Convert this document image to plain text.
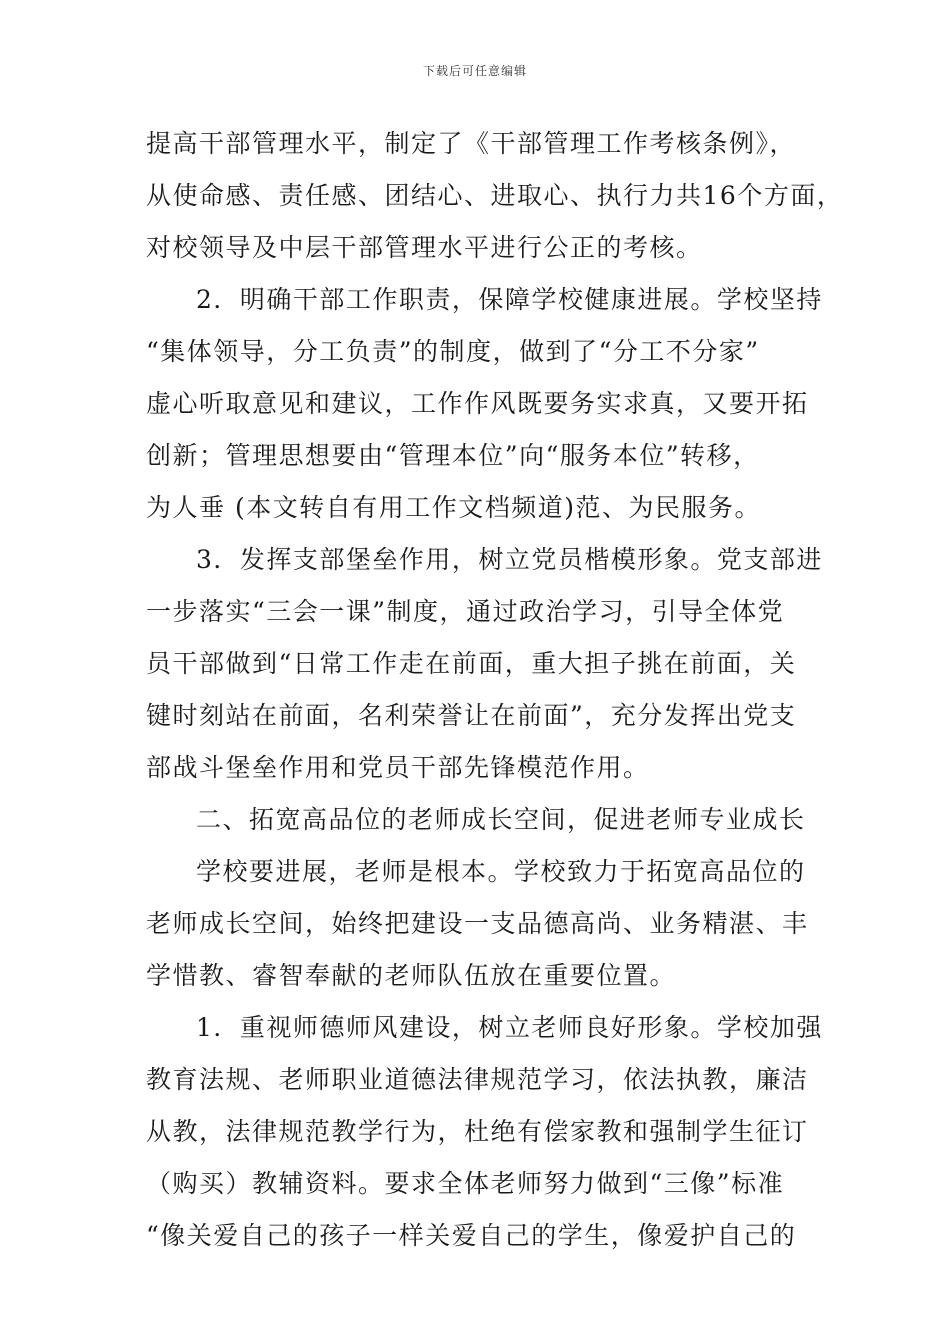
下载后可任意编辑
提高干部管理水平，制定了《干部管理工作考核条例》，
从使命感、责任感、团结心、进取心、执行力共16个方面，
对校领导及中层干部管理水平进行公正的考核。
2．明确干部工作职责，保障学校健康进展。学校坚持
“集体领导，分工负责”的制度，做到了“分工不分家”
虚心听取意见和建议，工作作风既要务实求真，又要开拓
创新；管理思想要由“管理本位”向“服务本位”转移，
为人垂 (本文转自有用工作文档频道)范、为民服务。
3．发挥支部堡垒作用，树立党员楷模形象。党支部进
一步落实“三会一课”制度，通过政治学习，引导全体党
员干部做到“日常工作走在前面，重大担子挑在前面，关
键时刻站在前面，名利荣誉让在前面”，充分发挥出党支
部战斗堡垒作用和党员干部先锋模范作用。
二、拓宽高品位的老师成长空间，促进老师专业成长
学校要进展，老师是根本。学校致力于拓宽高品位的
老师成长空间，始终把建设一支品德高尚、业务精湛、丰
学惜教、睿智奉献的老师队伍放在重要位置。
1．重视师德师风建设，树立老师良好形象。学校加强
教育法规、老师职业道德法律规范学习，依法执教，廉洁
从教，法律规范教学行为，杜绝有偿家教和强制学生征订
（购买）教辅资料。要求全体老师努力做到“三像”标准
“像关爱自己的孩子一样关爱自己的学生，像爱护自己的
